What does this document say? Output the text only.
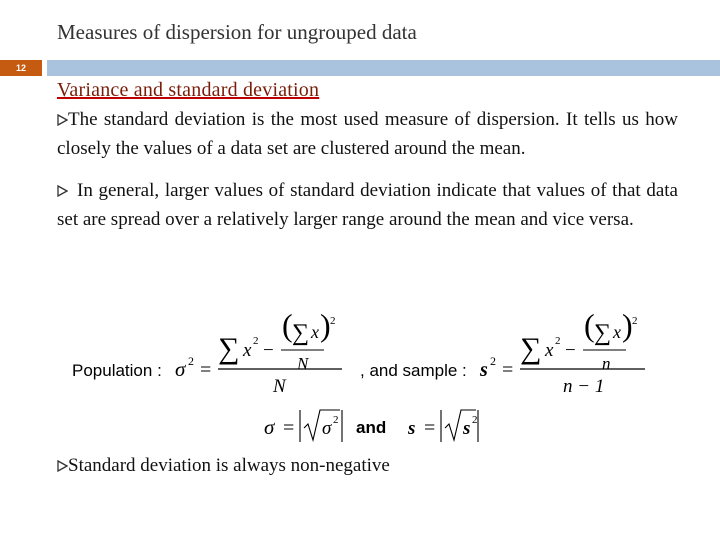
Measures of dispersion for ungrouped data
12
Variance and standard deviation

The standard deviation is the most used measure of dispersion. It tells us how closely the values of a data set are clustered around the mean.

In general, larger values of standard deviation indicate that values of that data set are spread over a relatively larger range around the mean and vice versa.

Population : σ 2 =
∑ x 2 −
( ∑ x ) 2
N
N
, and sample : s 2 =
∑ x 2 −
( ∑ x ) 2
n
n − 1
σ = σ 2 and s = s 2
Standard deviation is always non-negative
